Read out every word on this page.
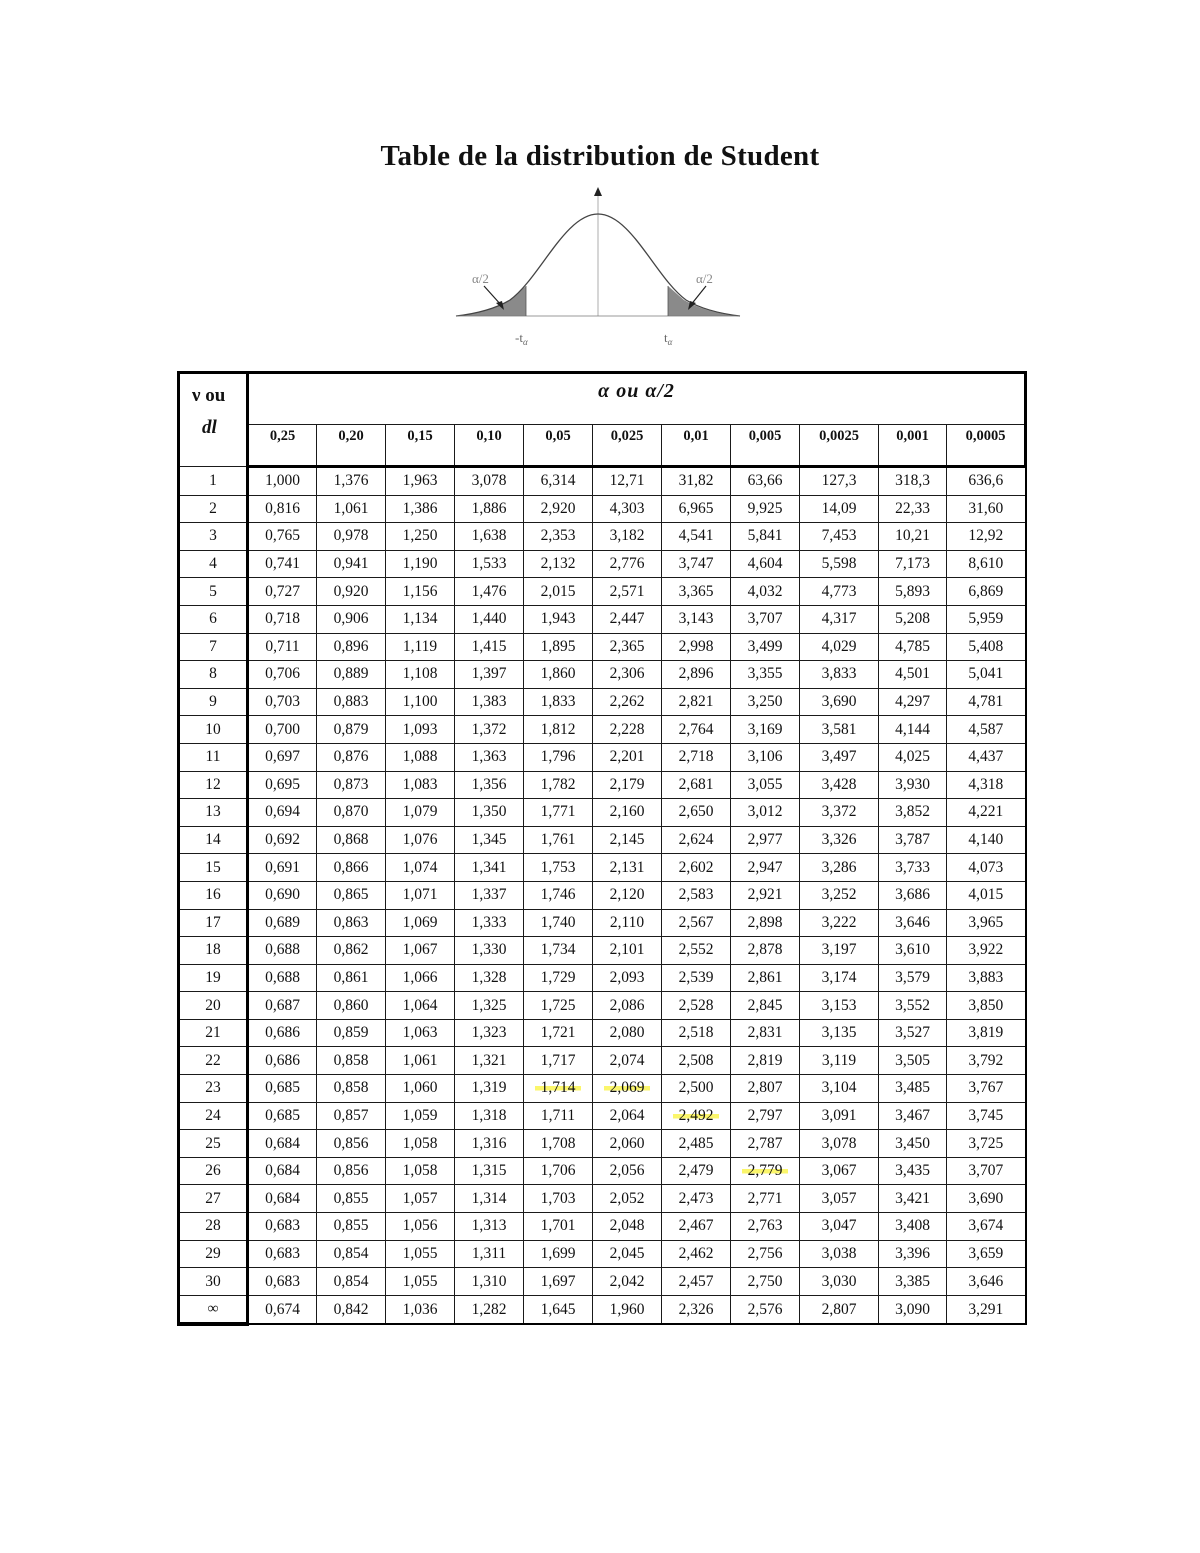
Table de la distribution de Student
α/2	α/2
$-t_\alpha$	$t_\alpha$
ν ou
dl	α ou α/2										
	0,25	0,20	0,15	0,10	0,05	0,025	0,01	0,005	0,0025	0,001	0,0005
1	1,000	1,376	1,963	3,078	6,314	12,71	31,82	63,66	127,3	318,3	636,6
2	0,816	1,061	1,386	1,886	2,920	4,303	6,965	9,925	14,09	22,33	31,60
3	0,765	0,978	1,250	1,638	2,353	3,182	4,541	5,841	7,453	10,21	12,92
4	0,741	0,941	1,190	1,533	2,132	2,776	3,747	4,604	5,598	7,173	8,610
5	0,727	0,920	1,156	1,476	2,015	2,571	3,365	4,032	4,773	5,893	6,869
6	0,718	0,906	1,134	1,440	1,943	2,447	3,143	3,707	4,317	5,208	5,959
7	0,711	0,896	1,119	1,415	1,895	2,365	2,998	3,499	4,029	4,785	5,408
8	0,706	0,889	1,108	1,397	1,860	2,306	2,896	3,355	3,833	4,501	5,041
9	0,703	0,883	1,100	1,383	1,833	2,262	2,821	3,250	3,690	4,297	4,781
10	0,700	0,879	1,093	1,372	1,812	2,228	2,764	3,169	3,581	4,144	4,587
11	0,697	0,876	1,088	1,363	1,796	2,201	2,718	3,106	3,497	4,025	4,437
12	0,695	0,873	1,083	1,356	1,782	2,179	2,681	3,055	3,428	3,930	4,318
13	0,694	0,870	1,079	1,350	1,771	2,160	2,650	3,012	3,372	3,852	4,221
14	0,692	0,868	1,076	1,345	1,761	2,145	2,624	2,977	3,326	3,787	4,140
15	0,691	0,866	1,074	1,341	1,753	2,131	2,602	2,947	3,286	3,733	4,073
16	0,690	0,865	1,071	1,337	1,746	2,120	2,583	2,921	3,252	3,686	4,015
17	0,689	0,863	1,069	1,333	1,740	2,110	2,567	2,898	3,222	3,646	3,965
18	0,688	0,862	1,067	1,330	1,734	2,101	2,552	2,878	3,197	3,610	3,922
19	0,688	0,861	1,066	1,328	1,729	2,093	2,539	2,861	3,174	3,579	3,883
20	0,687	0,860	1,064	1,325	1,725	2,086	2,528	2,845	3,153	3,552	3,850
21	0,686	0,859	1,063	1,323	1,721	2,080	2,518	2,831	3,135	3,527	3,819
22	0,686	0,858	1,061	1,321	1,717	2,074	2,508	2,819	3,119	3,505	3,792
23	0,685	0,858	1,060	1,319	1,714	2,069	2,500	2,807	3,104	3,485	3,767
24	0,685	0,857	1,059	1,318	1,711	2,064	2,492	2,797	3,091	3,467	3,745
25	0,684	0,856	1,058	1,316	1,708	2,060	2,485	2,787	3,078	3,450	3,725
26	0,684	0,856	1,058	1,315	1,706	2,056	2,479	2,779	3,067	3,435	3,707
27	0,684	0,855	1,057	1,314	1,703	2,052	2,473	2,771	3,057	3,421	3,690
28	0,683	0,855	1,056	1,313	1,701	2,048	2,467	2,763	3,047	3,408	3,674
29	0,683	0,854	1,055	1,311	1,699	2,045	2,462	2,756	3,038	3,396	3,659
30	0,683	0,854	1,055	1,310	1,697	2,042	2,457	2,750	3,030	3,385	3,646
∞	0,674	0,842	1,036	1,282	1,645	1,960	2,326	2,576	2,807	3,090	3,291
